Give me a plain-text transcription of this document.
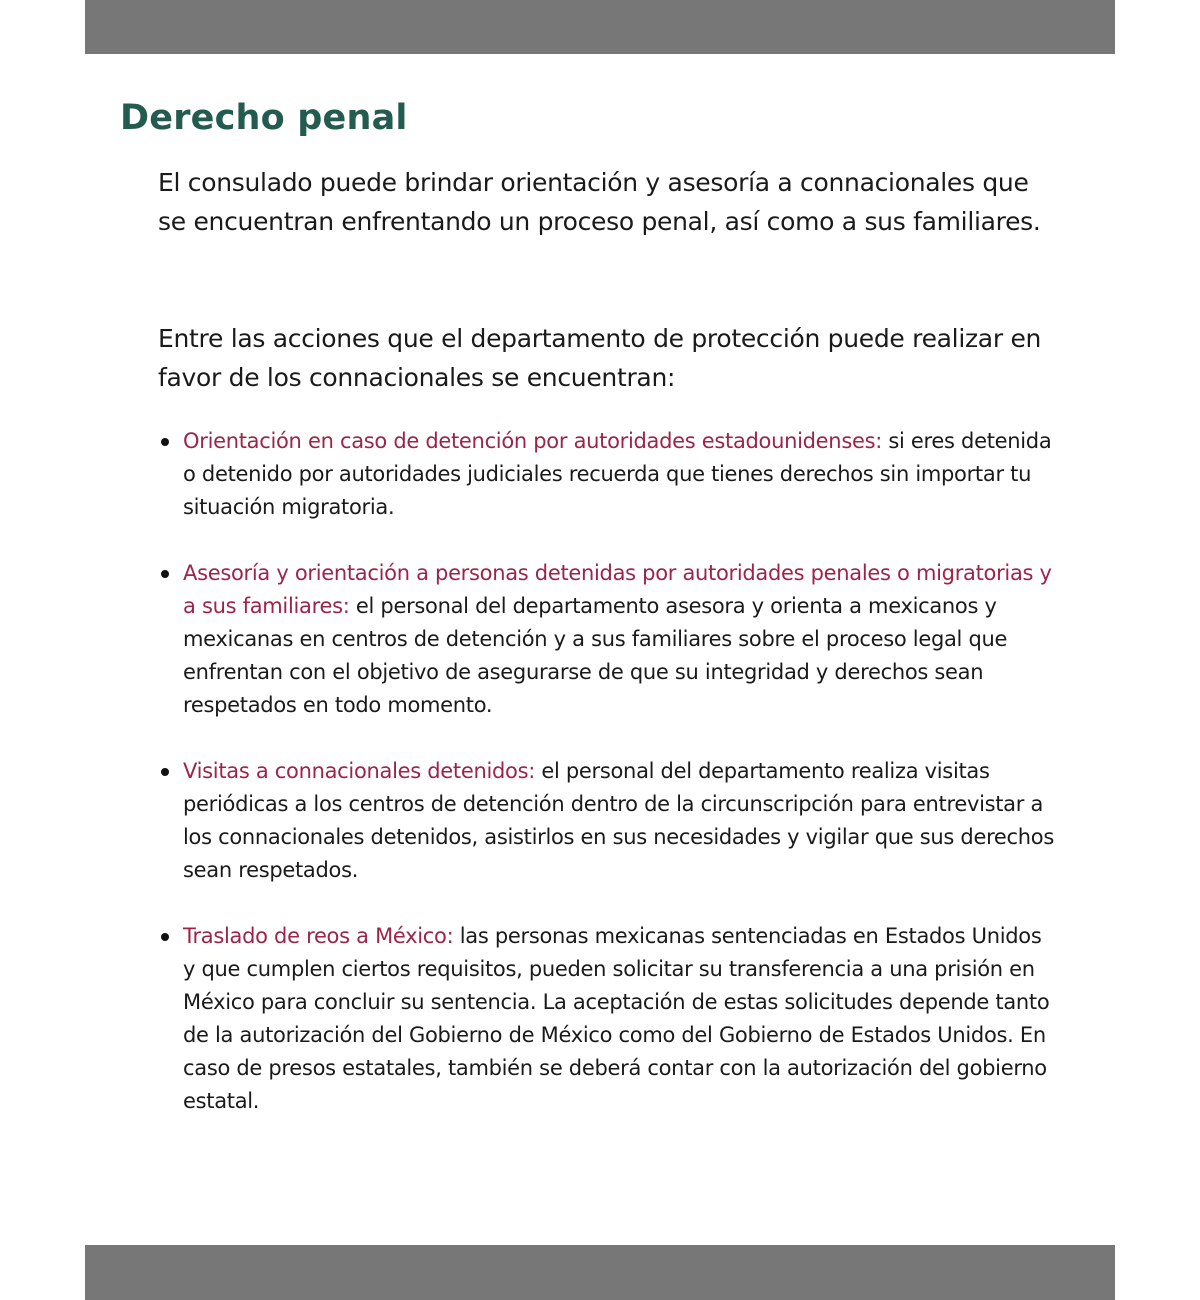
Derecho penal

El consulado puede brindar orientación y asesoría a connacionales que se encuentran enfrentando un proceso penal, así como a sus familiares.

Entre las acciones que el departamento de protección puede realizar en favor de los connacionales se encuentran:

Orientación en caso de detención por autoridades estadounidenses: si eres detenida o detenido por autoridades judiciales recuerda que tienes derechos sin importar tu situación migratoria.
Asesoría y orientación a personas detenidas por autoridades penales o migratorias y a sus familiares: el personal del departamento asesora y orienta a mexicanos y mexicanas en centros de detención y a sus familiares sobre el proceso legal que enfrentan con el objetivo de asegurarse de que su integridad y derechos sean respetados en todo momento.
Visitas a connacionales detenidos: el personal del departamento realiza visitas periódicas a los centros de detención dentro de la circunscripción para entrevistar a los connacionales detenidos, asistirlos en sus necesidades y vigilar que sus derechos sean respetados.
Traslado de reos a México: las personas mexicanas sentenciadas en Estados Unidos y que cumplen ciertos requisitos, pueden solicitar su transferencia a una prisión en México para concluir su sentencia. La aceptación de estas solicitudes depende tanto de la autorización del Gobierno de México como del Gobierno de Estados Unidos. En caso de presos estatales, también se deberá contar con la autorización del gobierno estatal.
